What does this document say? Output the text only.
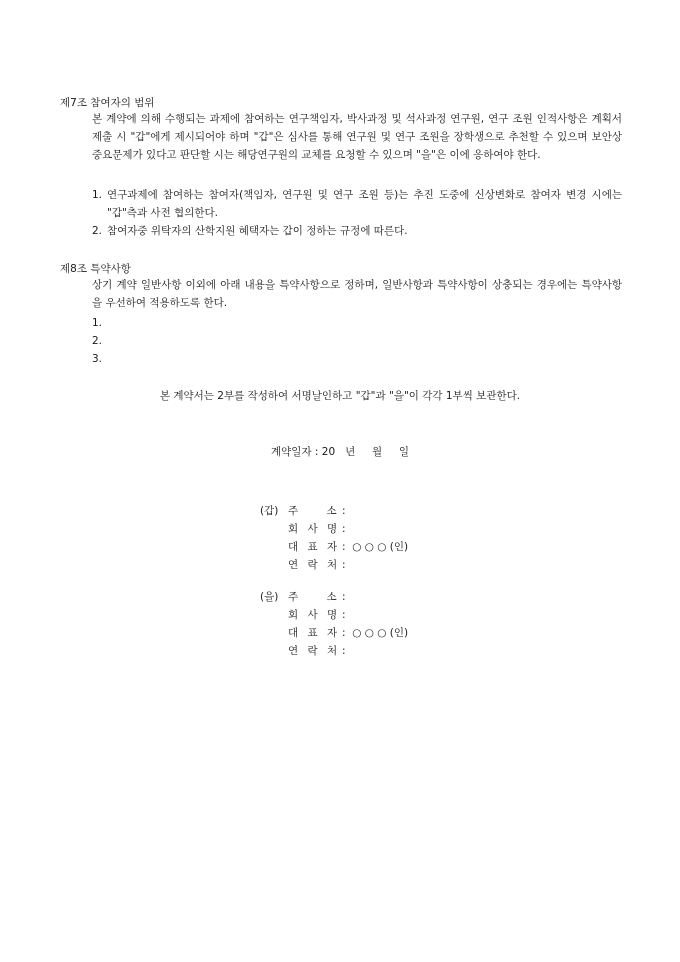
제7조 참여자의 범위
본 계약에 의해 수행되는 과제에 참여하는 연구책임자, 박사과정 및 석사과정 연구원, 연구 조원 인적사항은 계획서 제출 시 "갑"에게 제시되어야 하며 "갑"은 심사를 통해 연구원 및 연구 조원을 장학생으로 추천할 수 있으며 보안상 중요문제가 있다고 판단할 시는 해당연구원의 교체를 요청할 수 있으며 "을"은 이에 응하여야 한다.
1. 연구과제에 참여하는 참여자(책임자, 연구원 및 연구 조원 등)는 추진 도중에 신상변화로 참여자 변경 시에는 "갑"측과 사전 협의한다.
2. 참여자중 위탁자의 산학지원 혜택자는 갑이 정하는 규정에 따른다.
제8조 특약사항
상기 계약 일반사항 이외에 아래 내용을 특약사항으로 정하며, 일반사항과 특약사항이 상충되는 경우에는 특약사항을 우선하여 적용하도록 한다.
1.
2.
3.
본 계약서는 2부를 작성하여 서명날인하고 "갑"과 "을"이 각각 1부씩 보관한다.
계약일자 : 20   년     월     일
(갑) 주    소 :
회 사 명 :
대 표 자 :  ○ ○ ○ (인)
연 락 처 :
(을) 주    소 :
회 사 명 :
대 표 자 :  ○ ○ ○ (인)
연 락 처 :
